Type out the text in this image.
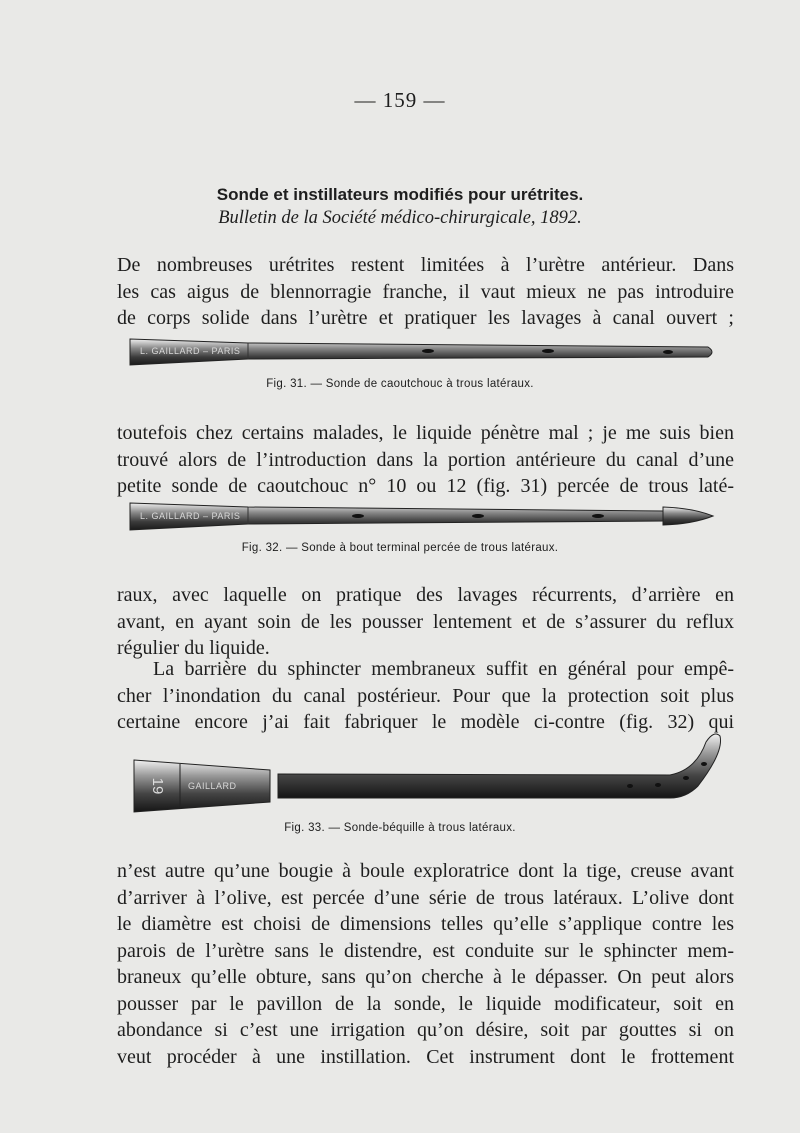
— 159 —
Sonde et instillateurs modifiés pour urétrites.
Bulletin de la Société médico-chirurgicale, 1892.
De nombreuses urétrites restent limitées à l’urètre antérieur. Dans
les cas aigus de blennorragie franche, il vaut mieux ne pas introduire
de corps solide dans l’urètre et pratiquer les lavages à canal ouvert ;
L. GAILLARD – PARIS
Fig. 31. — Sonde de caoutchouc à trous latéraux.
toutefois chez certains malades, le liquide pénètre mal ; je me suis bien
trouvé alors de l’introduction dans la portion antérieure du canal d’une
petite sonde de caoutchouc n° 10 ou 12 (fig. 31) percée de trous laté-
L. GAILLARD – PARIS
Fig. 32. — Sonde à bout terminal percée de trous latéraux.
raux, avec laquelle on pratique des lavages récurrents, d’arrière en
avant, en ayant soin de les pousser lentement et de s’assurer du reflux
régulier du liquide.
La barrière du sphincter membraneux suffit en général pour empê-
cher l’inondation du canal postérieur. Pour que la protection soit plus
certaine encore j’ai fait fabriquer le modèle ci-contre (fig. 32) qui
19 GAILLARD
Fig. 33. — Sonde-béquille à trous latéraux.
n’est autre qu’une bougie à boule exploratrice dont la tige, creuse avant
d’arriver à l’olive, est percée d’une série de trous latéraux. L’olive dont
le diamètre est choisi de dimensions telles qu’elle s’applique contre les
parois de l’urètre sans le distendre, est conduite sur le sphincter mem-
braneux qu’elle obture, sans qu’on cherche à le dépasser. On peut alors
pousser par le pavillon de la sonde, le liquide modificateur, soit en
abondance si c’est une irrigation qu’on désire, soit par gouttes si on
veut procéder à une instillation. Cet instrument dont le frottement
